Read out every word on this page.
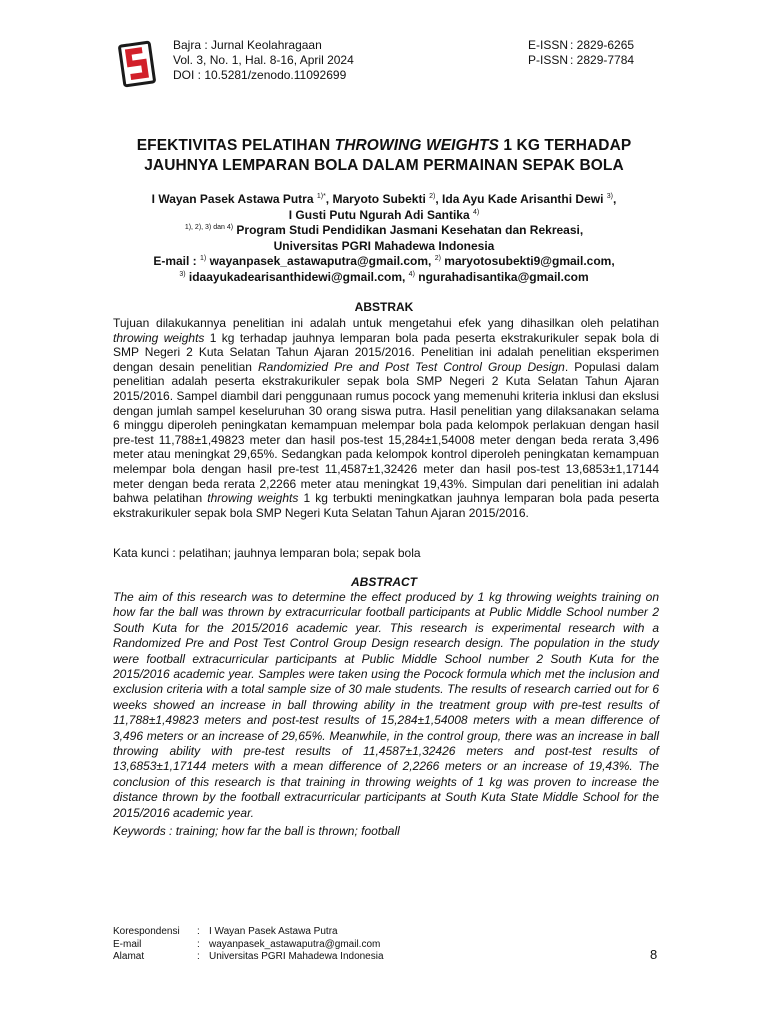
Bajra : Jurnal Keolahragaan
Vol. 3, No. 1, Hal. 8-16, April 2024
DOI : 10.5281/zenodo.11092699
E-ISSN : 2829-6265
P-ISSN : 2829-7784
EFEKTIVITAS PELATIHAN THROWING WEIGHTS 1 KG TERHADAP
JAUHNYA LEMPARAN BOLA DALAM PERMAINAN SEPAK BOLA
I Wayan Pasek Astawa Putra $^{1)*}$, Maryoto Subekti $^{2)}$, Ida Ayu Kade Arisanthi Dewi $^{3)}$,
I Gusti Putu Ngurah Adi Santika $^{4)}$
$^{1), 2), 3) dan 4)}$ Program Studi Pendidikan Jasmani Kesehatan dan Rekreasi,
Universitas PGRI Mahadewa Indonesia
E-mail : $^{1)}$ wayanpasek_astawaputra@gmail.com, $^{2)}$ maryotosubekti9@gmail.com,
$^{3)}$ idaayukadearisanthidewi@gmail.com, $^{4)}$ ngurahadisantika@gmail.com
ABSTRAK

Tujuan dilakukannya penelitian ini adalah untuk mengetahui efek yang dihasilkan oleh pelatihan throwing weights 1 kg terhadap jauhnya lemparan bola pada peserta ekstrakurikuler sepak bola di SMP Negeri 2 Kuta Selatan Tahun Ajaran 2015/2016. Penelitian ini adalah penelitian eksperimen dengan desain penelitian Randomizied Pre and Post Test Control Group Design. Populasi dalam penelitian adalah peserta ekstrakurikuler sepak bola SMP Negeri 2 Kuta Selatan Tahun Ajaran 2015/2016. Sampel diambil dari penggunaan rumus pocock yang memenuhi kriteria inklusi dan ekslusi dengan jumlah sampel keseluruhan 30 orang siswa putra. Hasil penelitian yang dilaksanakan selama 6 minggu diperoleh peningkatan kemampuan melempar bola pada kelompok perlakuan dengan hasil pre-test 11,788±1,49823 meter dan hasil pos-test 15,284±1,54008 meter dengan beda rerata 3,496 meter atau meningkat 29,65%. Sedangkan pada kelompok kontrol diperoleh peningkatan kemampuan melempar bola dengan hasil pre-test 11,4587±1,32426 meter dan hasil pos-test 13,6853±1,17144 meter dengan beda rerata 2,2266 meter atau meningkat 19,43%. Simpulan dari penelitian ini adalah bahwa pelatihan throwing weights 1 kg terbukti meningkatkan jauhnya lemparan bola pada peserta ekstrakurikuler sepak bola SMP Negeri Kuta Selatan Tahun Ajaran 2015/2016.

Kata kunci : pelatihan; jauhnya lemparan bola; sepak bola
ABSTRACT

The aim of this research was to determine the effect produced by 1 kg throwing weights training on how far the ball was thrown by extracurricular football participants at Public Middle School number 2 South Kuta for the 2015/2016 academic year. This research is experimental research with a Randomized Pre and Post Test Control Group Design research design. The population in the study were football extracurricular participants at Public Middle School number 2 South Kuta for the 2015/2016 academic year. Samples were taken using the Pocock formula which met the inclusion and exclusion criteria with a total sample size of 30 male students. The results of research carried out for 6 weeks showed an increase in ball throwing ability in the treatment group with pre-test results of 11,788±1,49823 meters and post-test results of 15,284±1,54008 meters with a mean difference of 3,496 meters or an increase of 29,65%. Meanwhile, in the control group, there was an increase in ball throwing ability with pre-test results of 11,4587±1,32426 meters and post-test results of 13,6853±1,17144 meters with a mean difference of 2,2266 meters or an increase of 19,43%. The conclusion of this research is that training in throwing weights of 1 kg was proven to increase the distance thrown by the football extracurricular participants at South Kuta State Middle School for the 2015/2016 academic year.

Keywords : training; how far the ball is thrown; football
Korespondensi	: I Wayan Pasek Astawa Putra
E-mail	: wayanpasek_astawaputra@gmail.com
Alamat	: Universitas PGRI Mahadewa Indonesia	8
